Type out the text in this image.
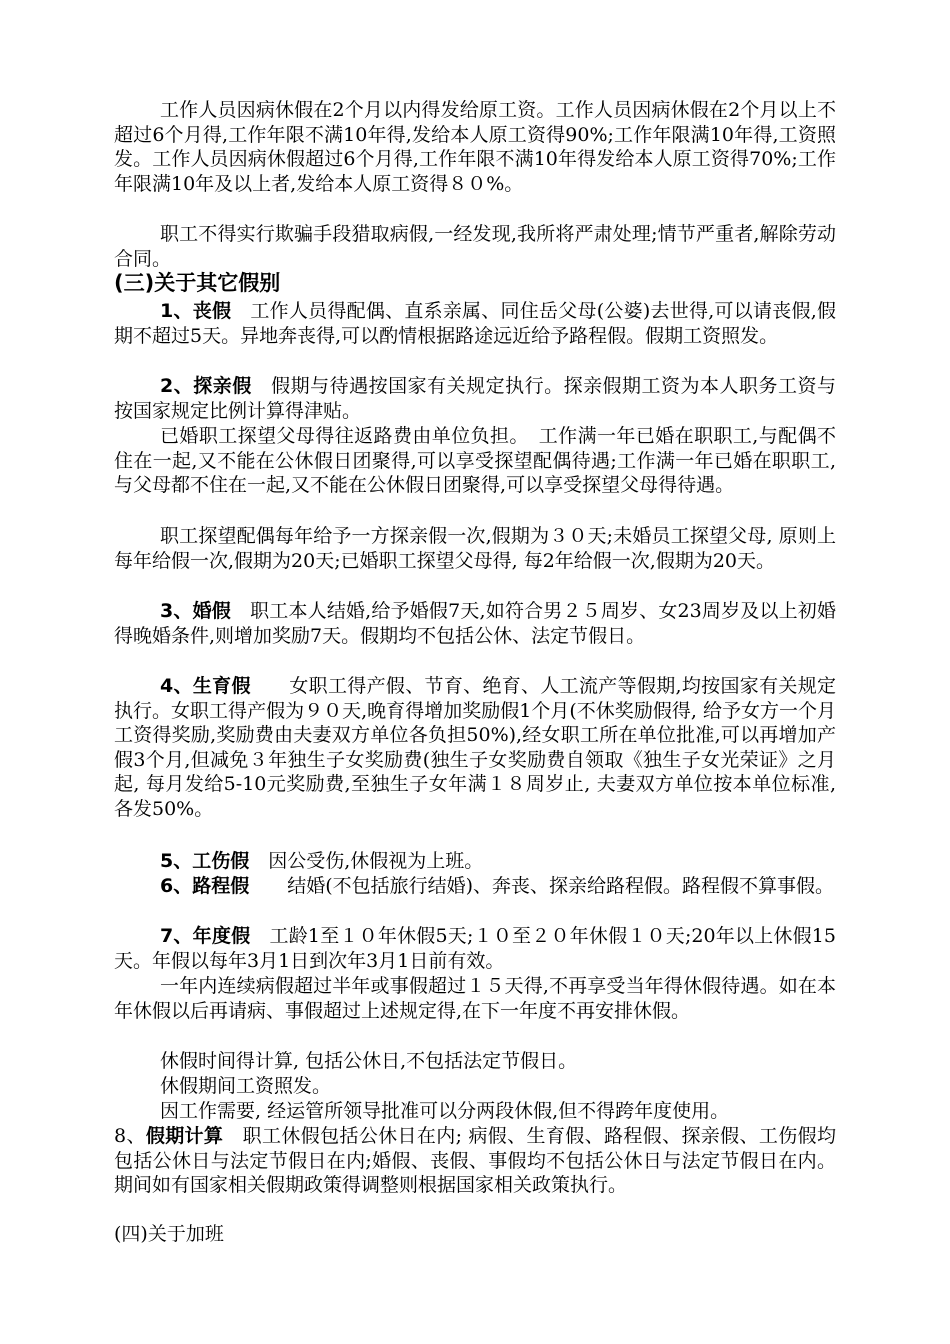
工作人员因病休假在2个月以内得发给原工资。工作人员因病休假在2个月以上不超过6个月得,工作年限不满10年得,发给本人原工资得90%;工作年限满10年得,工资照发。工作人员因病休假超过6个月得,工作年限不满10年得发给本人原工资得70%;工作年限满10年及以上者,发给本人原工资得８０%。
职工不得实行欺骗手段猎取病假,一经发现,我所将严肃处理;情节严重者,解除劳动合同。
(三)关于其它假别
1、丧假　工作人员得配偶、直系亲属、同住岳父母(公婆)去世得,可以请丧假,假期不超过5天。异地奔丧得,可以酌情根据路途远近给予路程假。假期工资照发。
2、探亲假　假期与待遇按国家有关规定执行。探亲假期工资为本人职务工资与按国家规定比例计算得津贴。
已婚职工探望父母得往返路费由单位负担。　工作满一年已婚在职职工,与配偶不住在一起,又不能在公休假日团聚得,可以享受探望配偶待遇;工作满一年已婚在职职工,与父母都不住在一起,又不能在公休假日团聚得,可以享受探望父母得待遇。
职工探望配偶每年给予一方探亲假一次,假期为３０天;未婚员工探望父母, 原则上每年给假一次,假期为20天;已婚职工探望父母得, 每2年给假一次,假期为20天。
3、婚假　职工本人结婚,给予婚假7天,如符合男２５周岁、女23周岁及以上初婚得晚婚条件,则增加奖励7天。假期均不包括公休、法定节假日。
4、生育假　　女职工得产假、节育、绝育、人工流产等假期,均按国家有关规定执行。女职工得产假为９０天,晚育得增加奖励假1个月(不休奖励假得, 给予女方一个月工资得奖励,奖励费由夫妻双方单位各负担50%),经女职工所在单位批准,可以再增加产假3个月,但减免３年独生子女奖励费(独生子女奖励费自领取《独生子女光荣证》之月起, 每月发给5-10元奖励费,至独生子女年满１８周岁止, 夫妻双方单位按本单位标准,各发50%。
5、工伤假　因公受伤,休假视为上班。
6、路程假　　结婚(不包括旅行结婚)、奔丧、探亲给路程假。路程假不算事假。
7、年度假　工龄1至１０年休假5天;１０至２０年休假１０天;20年以上休假15天。年假以每年3月1日到次年3月1日前有效。
一年内连续病假超过半年或事假超过１５天得,不再享受当年得休假待遇。如在本年休假以后再请病、事假超过上述规定得,在下一年度不再安排休假。
休假时间得计算, 包括公休日,不包括法定节假日。
休假期间工资照发。
因工作需要, 经运管所领导批准可以分两段休假,但不得跨年度使用。
8、假期计算　职工休假包括公休日在内; 病假、生育假、路程假、探亲假、工伤假均包括公休日与法定节假日在内;婚假、丧假、事假均不包括公休日与法定节假日在内。期间如有国家相关假期政策得调整则根据国家相关政策执行。
(四)关于加班
